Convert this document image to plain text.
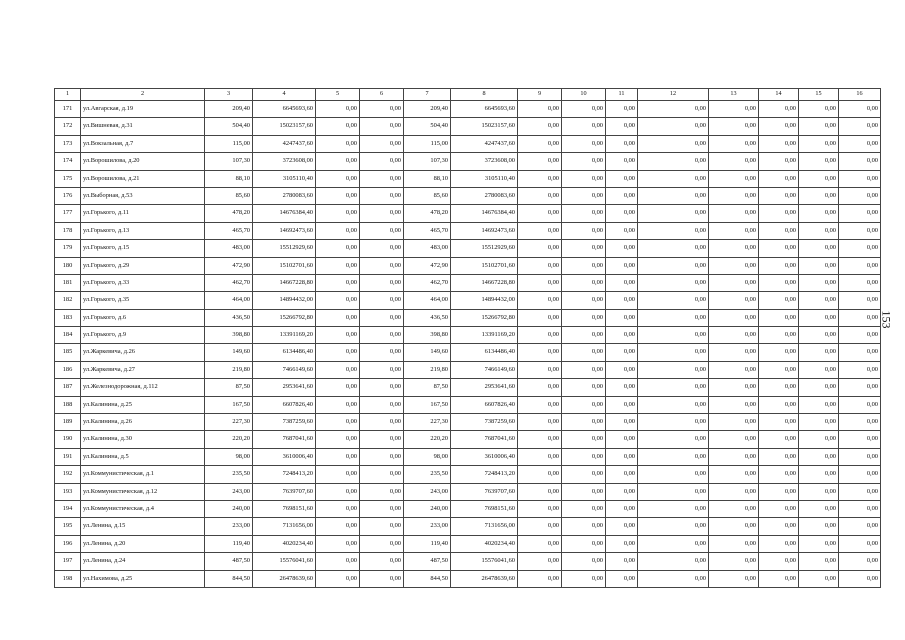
1	2	3	4	5	6	7	8	9	10	11	12	13	14	15	16
171	ул.Авгарская, д.19	209,40	6645693,60	0,00	0,00	209,40	6645693,60	0,00	0,00	0,00	0,00	0,00	0,00	0,00	0,00
172	ул.Вишневая, д.31	504,40	15023157,60	0,00	0,00	504,40	15023157,60	0,00	0,00	0,00	0,00	0,00	0,00	0,00	0,00
173	ул.Вокзальная, д.7	115,00	4247437,60	0,00	0,00	115,00	4247437,60	0,00	0,00	0,00	0,00	0,00	0,00	0,00	0,00
174	ул.Ворошилова, д.20	107,30	3723608,00	0,00	0,00	107,30	3723608,00	0,00	0,00	0,00	0,00	0,00	0,00	0,00	0,00
175	ул.Ворошилова, д.21	88,10	3105110,40	0,00	0,00	88,10	3105110,40	0,00	0,00	0,00	0,00	0,00	0,00	0,00	0,00
176	ул.Выборная, д.53	85,60	2780083,60	0,00	0,00	85,60	2780083,60	0,00	0,00	0,00	0,00	0,00	0,00	0,00	0,00
177	ул.Горького, д.11	478,20	14676384,40	0,00	0,00	478,20	14676384,40	0,00	0,00	0,00	0,00	0,00	0,00	0,00	0,00
178	ул.Горького, д.13	465,70	14692473,60	0,00	0,00	465,70	14692473,60	0,00	0,00	0,00	0,00	0,00	0,00	0,00	0,00
179	ул.Горького, д.15	483,00	15512929,60	0,00	0,00	483,00	15512929,60	0,00	0,00	0,00	0,00	0,00	0,00	0,00	0,00
180	ул.Горького, д.29	472,90	15102701,60	0,00	0,00	472,90	15102701,60	0,00	0,00	0,00	0,00	0,00	0,00	0,00	0,00
181	ул.Горького, д.33	462,70	14667228,80	0,00	0,00	462,70	14667228,80	0,00	0,00	0,00	0,00	0,00	0,00	0,00	0,00
182	ул.Горького, д.35	464,00	14894432,00	0,00	0,00	464,00	14894432,00	0,00	0,00	0,00	0,00	0,00	0,00	0,00	0,00
183	ул.Горького, д.6	436,50	15266792,80	0,00	0,00	436,50	15266792,80	0,00	0,00	0,00	0,00	0,00	0,00	0,00	0,00
184	ул.Горького, д.9	398,80	13391169,20	0,00	0,00	398,80	13391169,20	0,00	0,00	0,00	0,00	0,00	0,00	0,00	0,00
185	ул.Жаркевича, д.26	149,60	6134486,40	0,00	0,00	149,60	6134486,40	0,00	0,00	0,00	0,00	0,00	0,00	0,00	0,00
186	ул.Жаркевича, д.27	219,80	7466149,60	0,00	0,00	219,80	7466149,60	0,00	0,00	0,00	0,00	0,00	0,00	0,00	0,00
187	ул.Железнодорожная, д.112	87,50	2953641,60	0,00	0,00	87,50	2953641,60	0,00	0,00	0,00	0,00	0,00	0,00	0,00	0,00
188	ул.Калинина, д.25	167,50	6607826,40	0,00	0,00	167,50	6607826,40	0,00	0,00	0,00	0,00	0,00	0,00	0,00	0,00
189	ул.Калинина, д.26	227,30	7387259,60	0,00	0,00	227,30	7387259,60	0,00	0,00	0,00	0,00	0,00	0,00	0,00	0,00
190	ул.Калинина, д.30	220,20	7687041,60	0,00	0,00	220,20	7687041,60	0,00	0,00	0,00	0,00	0,00	0,00	0,00	0,00
191	ул.Калинина, д.5	98,00	3610006,40	0,00	0,00	98,00	3610006,40	0,00	0,00	0,00	0,00	0,00	0,00	0,00	0,00
192	ул.Коммунистическая, д.1	235,50	7248413,20	0,00	0,00	235,50	7248413,20	0,00	0,00	0,00	0,00	0,00	0,00	0,00	0,00
193	ул.Коммунистическая, д.12	243,00	7639707,60	0,00	0,00	243,00	7639707,60	0,00	0,00	0,00	0,00	0,00	0,00	0,00	0,00
194	ул.Коммунистическая, д.4	240,00	7698151,60	0,00	0,00	240,00	7698151,60	0,00	0,00	0,00	0,00	0,00	0,00	0,00	0,00
195	ул.Ленина, д.15	233,00	7131656,00	0,00	0,00	233,00	7131656,00	0,00	0,00	0,00	0,00	0,00	0,00	0,00	0,00
196	ул.Ленина, д.20	119,40	4020234,40	0,00	0,00	119,40	4020234,40	0,00	0,00	0,00	0,00	0,00	0,00	0,00	0,00
197	ул.Ленина, д.24	487,50	15576041,60	0,00	0,00	487,50	15576041,60	0,00	0,00	0,00	0,00	0,00	0,00	0,00	0,00
198	ул.Нахимова, д.25	844,50	26478639,60	0,00	0,00	844,50	26478639,60	0,00	0,00	0,00	0,00	0,00	0,00	0,00	0,00
153
